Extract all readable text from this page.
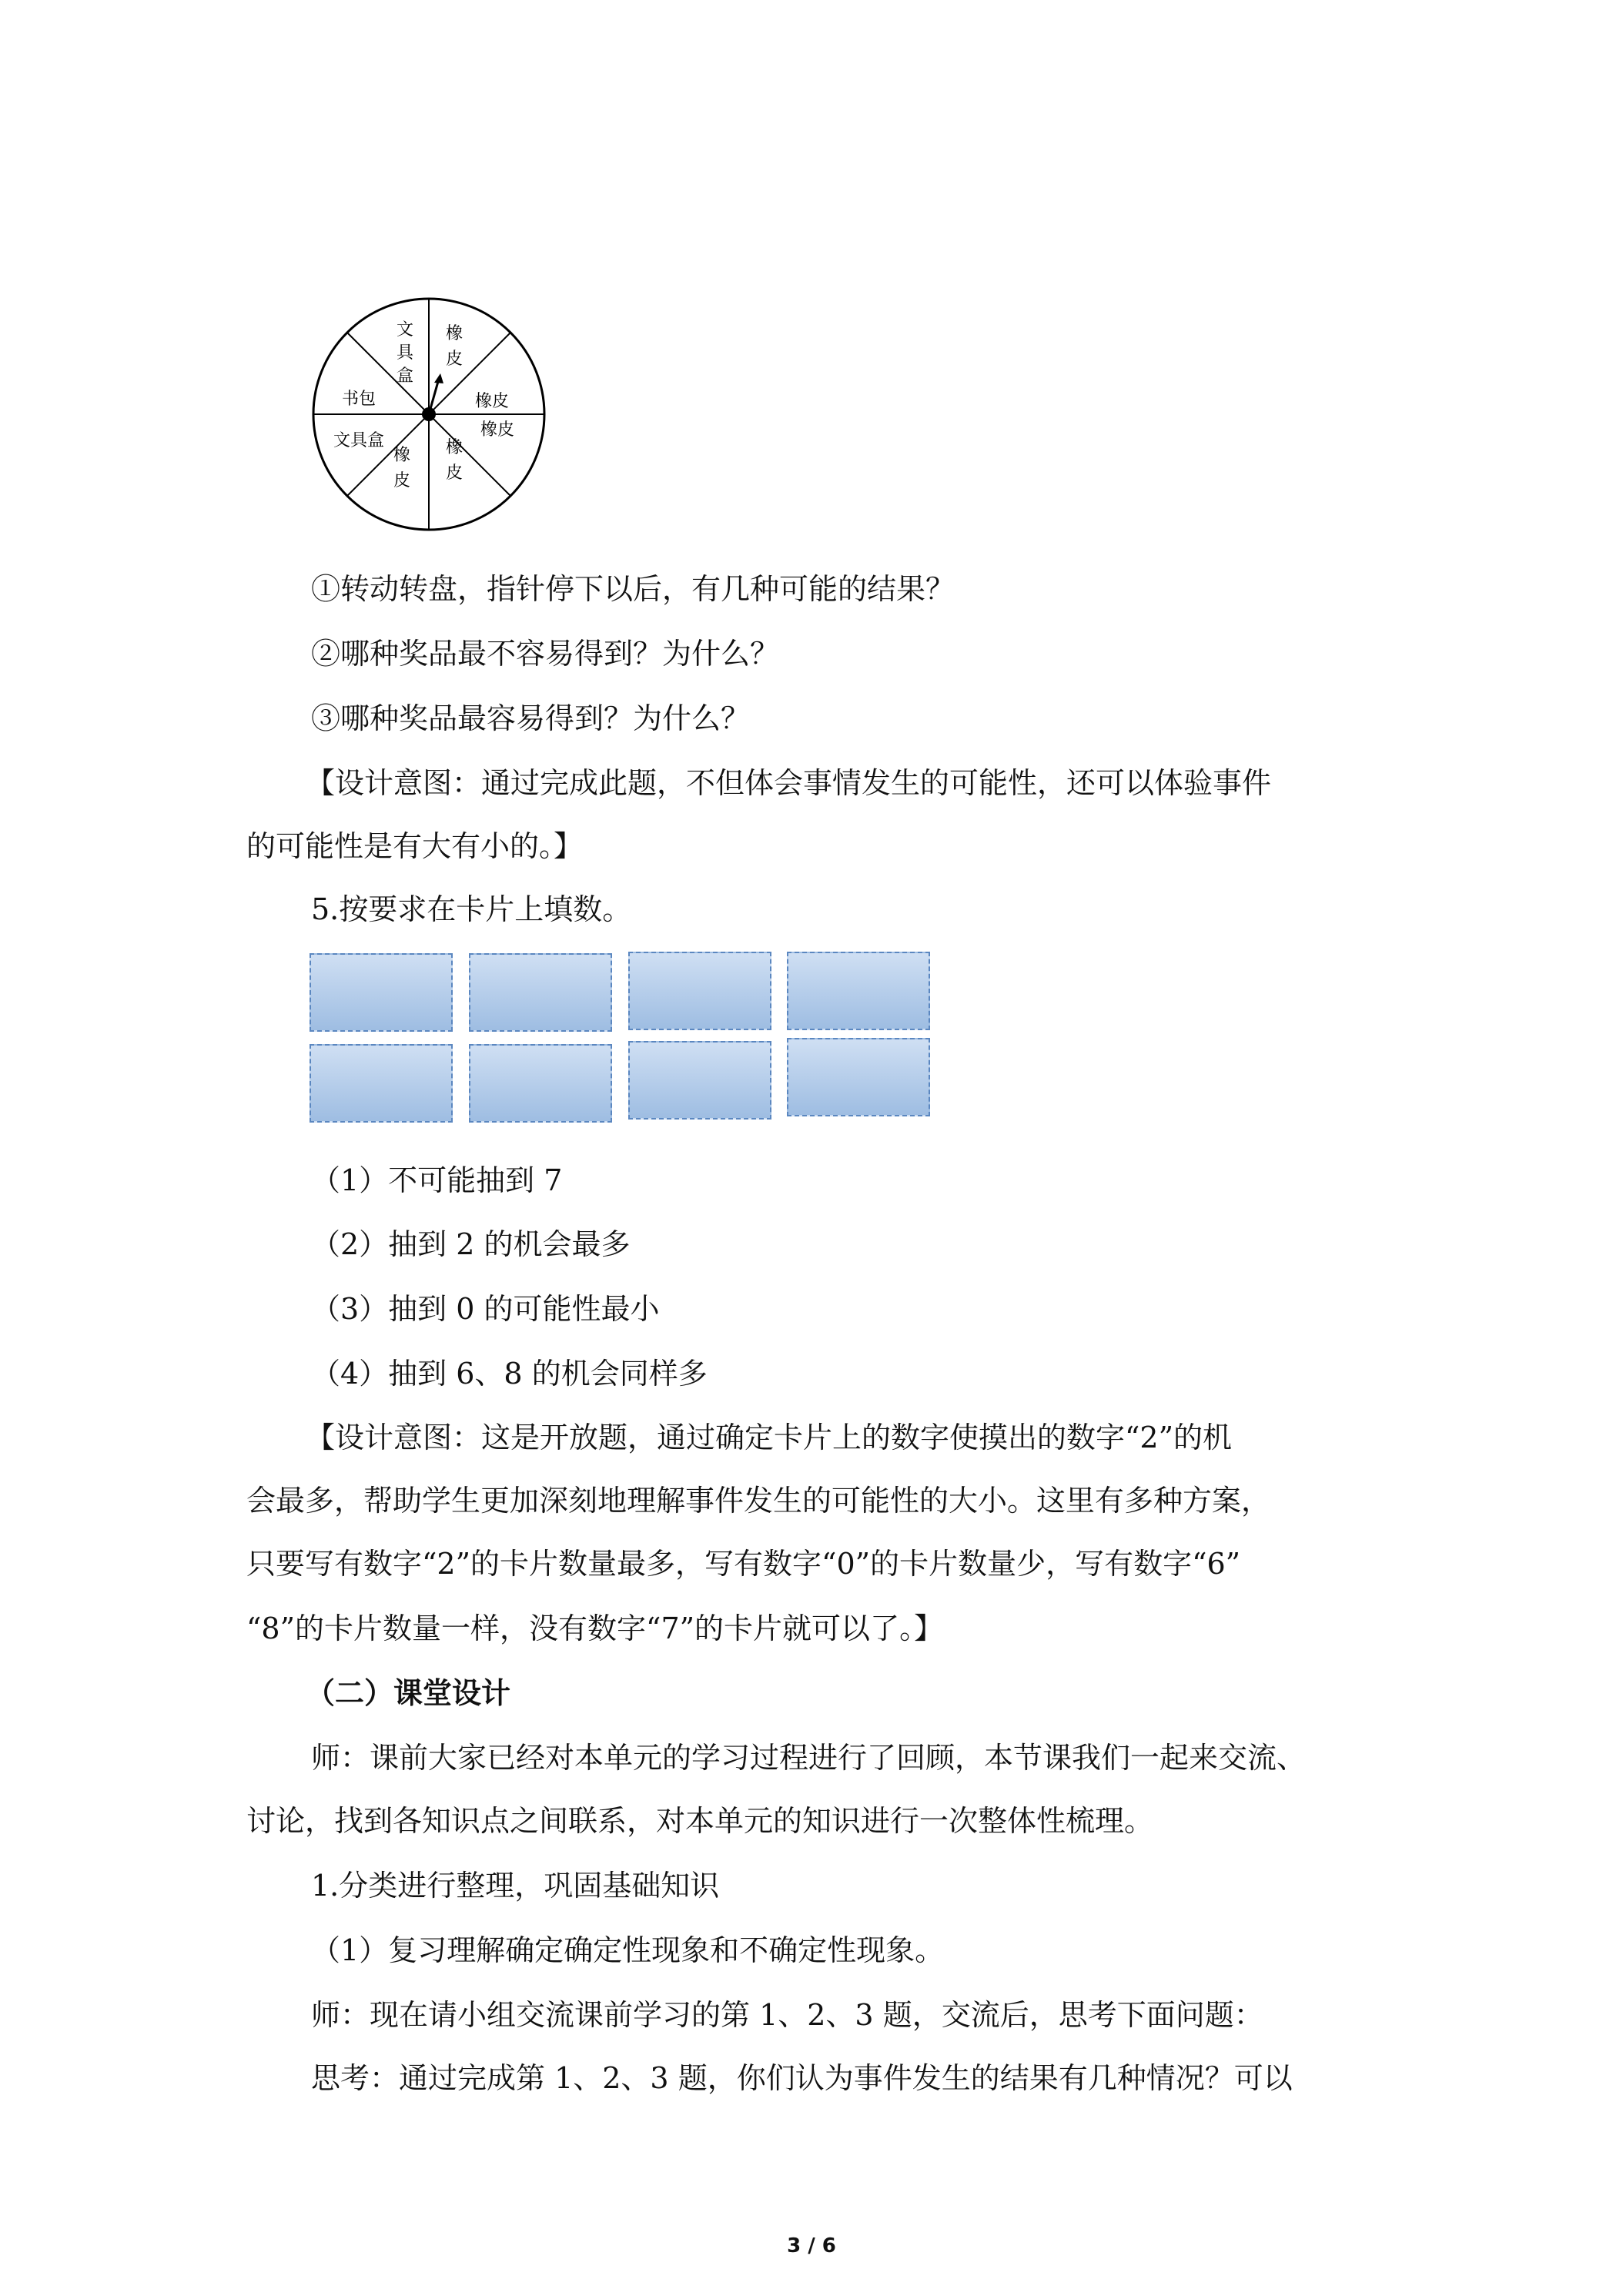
文
具
盒
橡
皮
橡皮
橡皮
书包
文具盒
橡
皮
橡
皮
①转动转盘，指针停下以后，有几种可能的结果？
②哪种奖品最不容易得到？为什么？
③哪种奖品最容易得到？为什么？
【设计意图：通过完成此题，不但体会事情发生的可能性，还可以体验事件
的可能性是有大有小的。】
5.按要求在卡片上填数。
（1）不可能抽到 7
（2）抽到 2 的机会最多
（3）抽到 0 的可能性最小
（4）抽到 6、8 的机会同样多
【设计意图：这是开放题，通过确定卡片上的数字使摸出的数字“2”的机
会最多，帮助学生更加深刻地理解事件发生的可能性的大小。这里有多种方案，
只要写有数字“2”的卡片数量最多，写有数字“0”的卡片数量少，写有数字“6”
“8”的卡片数量一样，没有数字“7”的卡片就可以了。】
（二）课堂设计
师：课前大家已经对本单元的学习过程进行了回顾，本节课我们一起来交流、
讨论，找到各知识点之间联系，对本单元的知识进行一次整体性梳理。
1.分类进行整理，巩固基础知识
（1）复习理解确定确定性现象和不确定性现象。
师：现在请小组交流课前学习的第 1、2、3 题，交流后，思考下面问题：
思考：通过完成第 1、2、3 题，你们认为事件发生的结果有几种情况？可以
3 / 6
